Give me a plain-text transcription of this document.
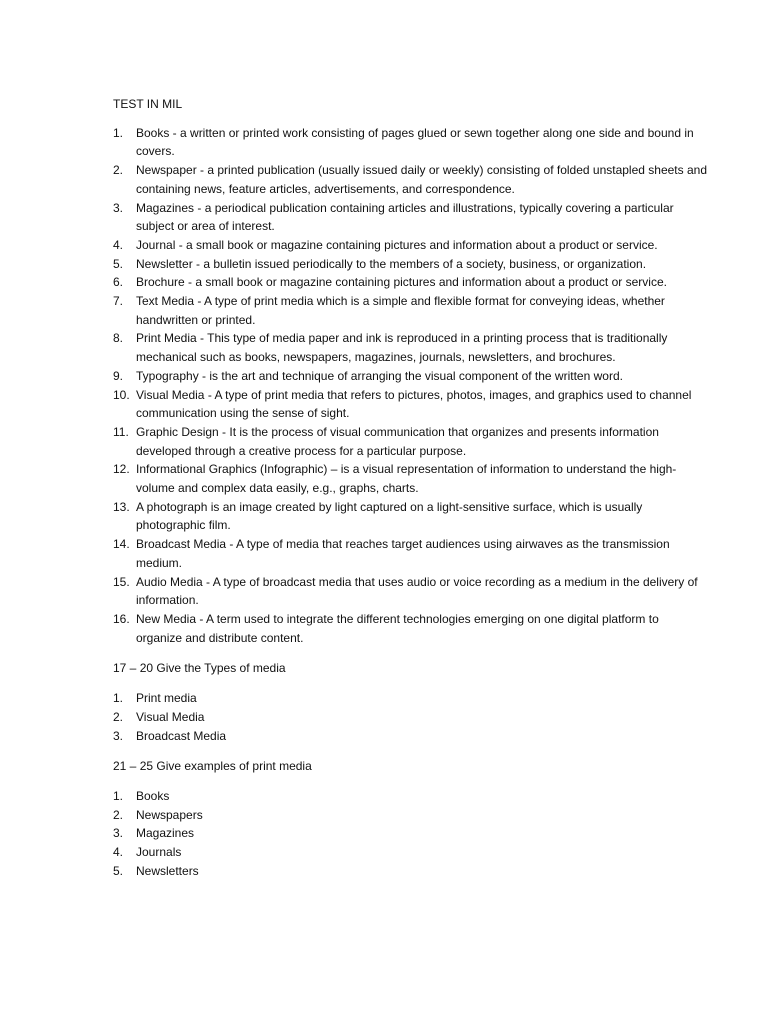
TEST IN MIL
1. Books - a written or printed work consisting of pages glued or sewn together along one side and bound in covers.
2. Newspaper - a printed publication (usually issued daily or weekly) consisting of folded unstapled sheets and containing news, feature articles, advertisements, and correspondence.
3. Magazines - a periodical publication containing articles and illustrations, typically covering a particular subject or area of interest.
4. Journal - a small book or magazine containing pictures and information about a product or service.
5. Newsletter - a bulletin issued periodically to the members of a society, business, or organization.
6. Brochure - a small book or magazine containing pictures and information about a product or service.
7. Text Media - A type of print media which is a simple and flexible format for conveying ideas, whether handwritten or printed.
8. Print Media - This type of media paper and ink is reproduced in a printing process that is traditionally mechanical such as books, newspapers, magazines, journals, newsletters, and brochures.
9. Typography - is the art and technique of arranging the visual component of the written word.
10. Visual Media - A type of print media that refers to pictures, photos, images, and graphics used to channel communication using the sense of sight.
11. Graphic Design - It is the process of visual communication that organizes and presents information developed through a creative process for a particular purpose.
12. Informational Graphics (Infographic) – is a visual representation of information to understand the high-volume and complex data easily, e.g., graphs, charts.
13. A photograph is an image created by light captured on a light-sensitive surface, which is usually photographic film.
14. Broadcast Media - A type of media that reaches target audiences using airwaves as the transmission medium.
15. Audio Media - A type of broadcast media that uses audio or voice recording as a medium in the delivery of information.
16. New Media - A term used to integrate the different technologies emerging on one digital platform to organize and distribute content.
17 – 20 Give the Types of media
1. Print media
2. Visual Media
3. Broadcast Media
21 – 25 Give examples of print media
1. Books
2. Newspapers
3. Magazines
4. Journals
5. Newsletters
